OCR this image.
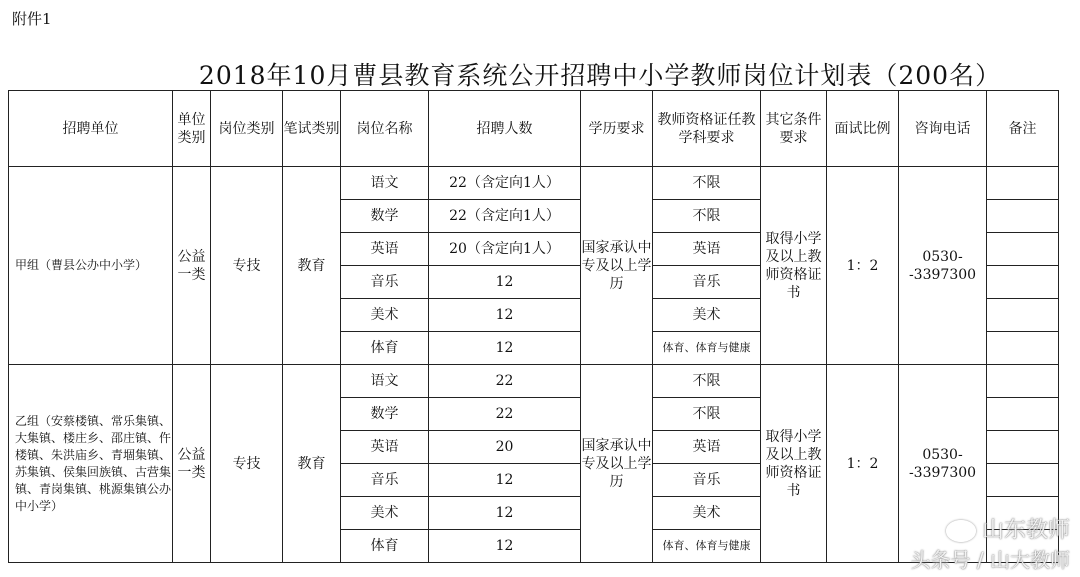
附件1
2018年10月曹县教育系统公开招聘中小学教师岗位计划表（200名）
招聘单位	单位类别	岗位类别	笔试类别	岗位名称	招聘人数	学历要求	教师资格证任教学科要求	其它条件要求	面试比例	咨询电话	备注
甲组（曹县公办中小学）	公益一类	专技	教育	语文	22（含定向1人）	国家承认中专及以上学历	不限	取得小学及以上教师资格证书	1：2	0530--3397300	
				数学	22（含定向1人）		不限				
				英语	20（含定向1人）		英语				
				音乐	12		音乐				
				美术	12		美术				
				体育	12		体育、体育与健康				
乙组（安蔡楼镇、常乐集镇、大集镇、楼庄乡、邵庄镇、仵楼镇、朱洪庙乡、青堌集镇、苏集镇、侯集回族镇、古营集镇、青岗集镇、桃源集镇公办中小学）	公益一类	专技	教育	语文	22	国家承认中专及以上学历	不限	取得小学及以上教师资格证书	1：2	0530--3397300	
				数学	22		不限				
				英语	20		英语				
				音乐	12		音乐				
				美术	12		美术				
				体育	12		体育、体育与健康				
山东教师
头条号 / 山大教师
